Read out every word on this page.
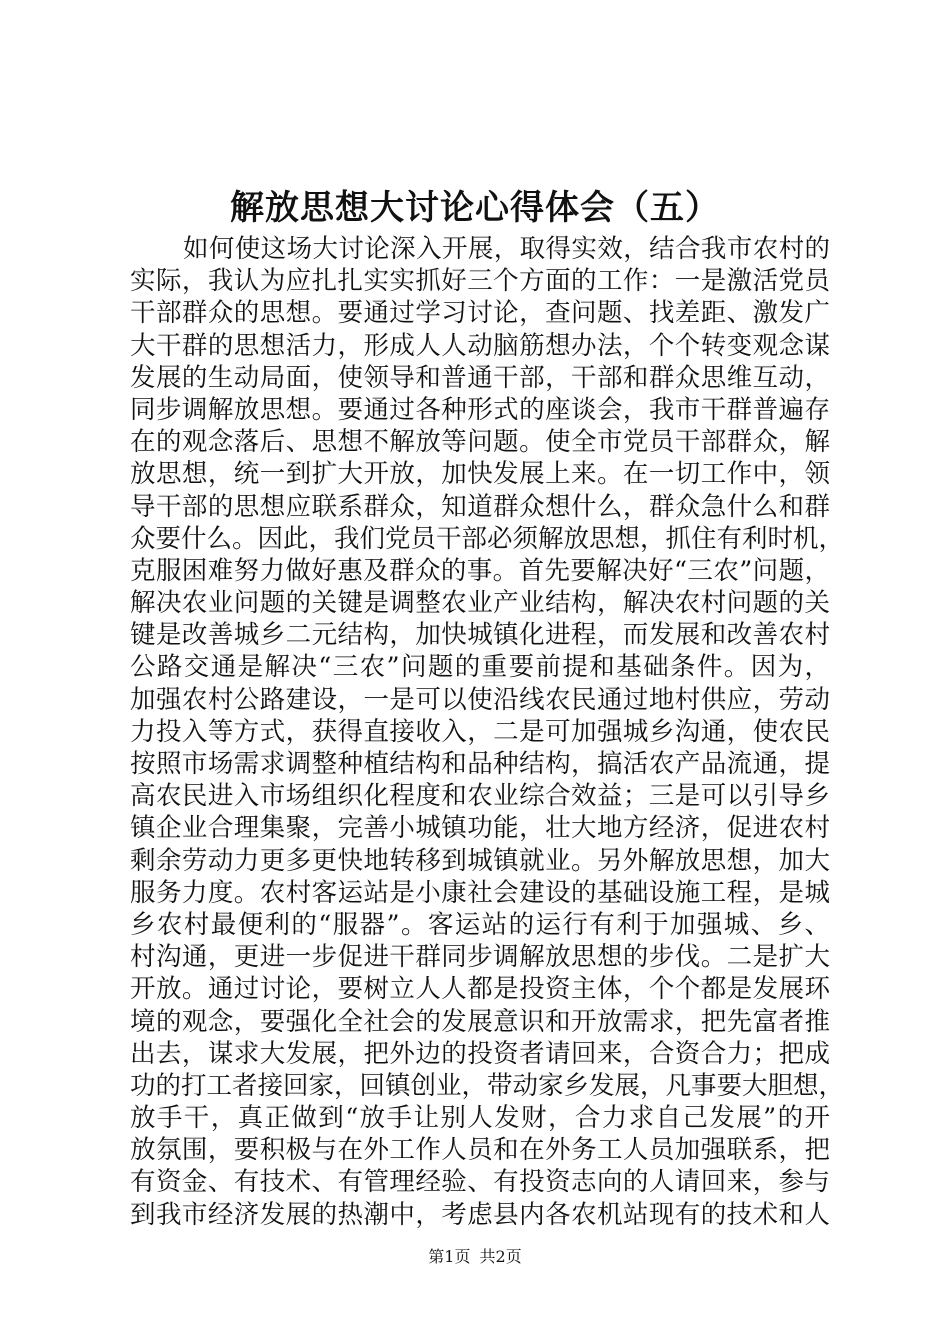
解放思想大讨论心得体会（五）
如何使这场大讨论深入开展，取得实效，结合我市农村的
实际，我认为应扎扎实实抓好三个方面的工作：一是激活党员
干部群众的思想。要通过学习讨论，查问题、找差距、激发广
大干群的思想活力，形成人人动脑筋想办法，个个转变观念谋
发展的生动局面，使领导和普通干部，干部和群众思维互动，
同步调解放思想。要通过各种形式的座谈会，我市干群普遍存
在的观念落后、思想不解放等问题。使全市党员干部群众，解
放思想，统一到扩大开放，加快发展上来。在一切工作中，领
导干部的思想应联系群众，知道群众想什么，群众急什么和群
众要什么。因此，我们党员干部必须解放思想，抓住有利时机，
克服困难努力做好惠及群众的事。首先要解决好“三农”问题，
解决农业问题的关键是调整农业产业结构，解决农村问题的关
键是改善城乡二元结构，加快城镇化进程，而发展和改善农村
公路交通是解决“三农”问题的重要前提和基础条件。因为，
加强农村公路建设，一是可以使沿线农民通过地村供应，劳动
力投入等方式，获得直接收入，二是可加强城乡沟通，使农民
按照市场需求调整种植结构和品种结构，搞活农产品流通，提
高农民进入市场组织化程度和农业综合效益；三是可以引导乡
镇企业合理集聚，完善小城镇功能，壮大地方经济，促进农村
剩余劳动力更多更快地转移到城镇就业。另外解放思想，加大
服务力度。农村客运站是小康社会建设的基础设施工程，是城
乡农村最便利的“服器”。客运站的运行有利于加强城、乡、
村沟通，更进一步促进干群同步调解放思想的步伐。二是扩大
开放。通过讨论，要树立人人都是投资主体，个个都是发展环
境的观念，要强化全社会的发展意识和开放需求，把先富者推
出去，谋求大发展，把外边的投资者请回来，合资合力；把成
功的打工者接回家，回镇创业，带动家乡发展，凡事要大胆想，
放手干，真正做到“放手让别人发财，合力求自己发展”的开
放氛围，要积极与在外工作人员和在外务工人员加强联系，把
有资金、有技术、有管理经验、有投资志向的人请回来，参与
到我市经济发展的热潮中，考虑县内各农机站现有的技术和人
第1页 共2页
